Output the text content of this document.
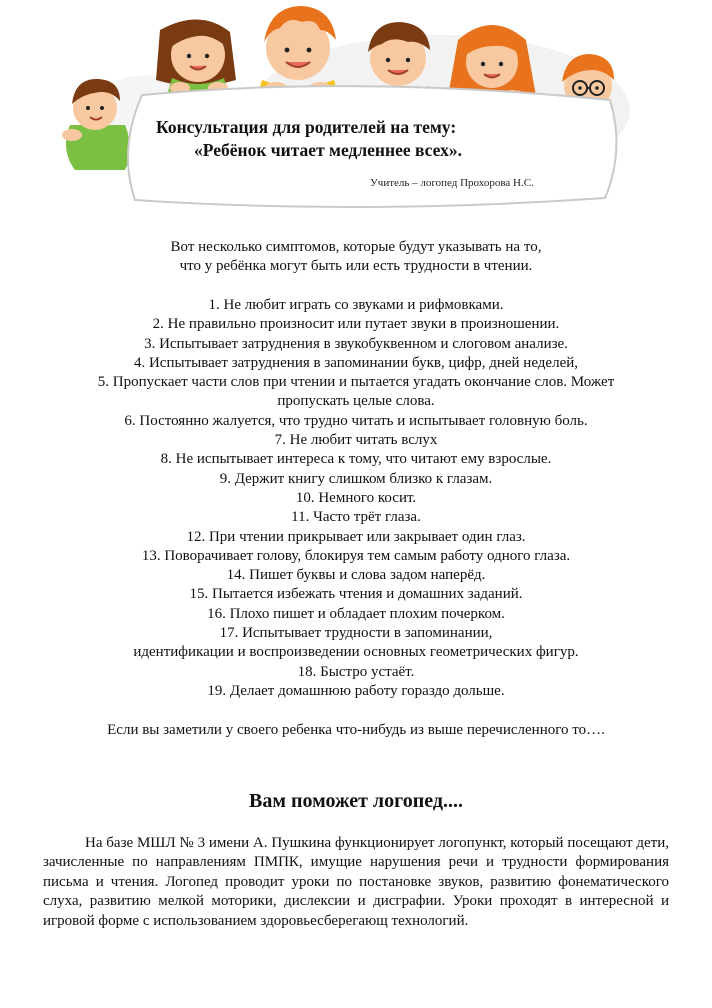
Консультация для родителей на тему:
«Ребёнок читает медленнее всех».
Учитель – логопед Прохорова Н.С.
Вот несколько симптомов, которые будут указывать на то,
что у ребёнка могут быть или есть трудности в чтении.
1. Не любит играть со звуками и рифмовками.
2. Не правильно произносит или путает звуки в произношении.
3. Испытывает затруднения в звукобуквенном и слоговом анализе.
4. Испытывает затруднения в запоминании букв, цифр, дней неделей,
5. Пропускает части слов при чтении и пытается угадать окончание слов. Может пропускать целые слова.
6. Постоянно жалуется, что трудно читать и испытывает головную боль.
7. Не любит читать вслух
8. Не испытывает интереса к тому, что читают ему взрослые.
9. Держит книгу слишком близко к глазам.
10. Немного косит.
11. Часто трёт глаза.
12. При чтении прикрывает или закрывает один глаз.
13. Поворачивает голову, блокируя тем самым работу одного глаза.
14. Пишет буквы и слова задом наперёд.
15. Пытается избежать чтения и домашних заданий.
16. Плохо пишет и обладает плохим почерком.
17. Испытывает трудности в запоминании,
идентификации и воспроизведении основных геометрических фигур.
18. Быстро устаёт.
19. Делает домашнюю работу гораздо дольше.
Если вы заметили у своего ребенка что-нибудь из выше перечисленного то….
Вам поможет логопед....
На базе МШЛ № 3 имени А. Пушкина функционирует логопункт, который посещают дети, зачисленные по направлениям ПМПК, имущие нарушения речи и трудности формирования письма и чтения. Логопед проводит уроки по постановке звуков, развитию фонематического слуха, развитию мелкой моторики, дислексии и дисграфии. Уроки проходят в интересной и игровой форме с использованием здоровьесберегающ технологий.
